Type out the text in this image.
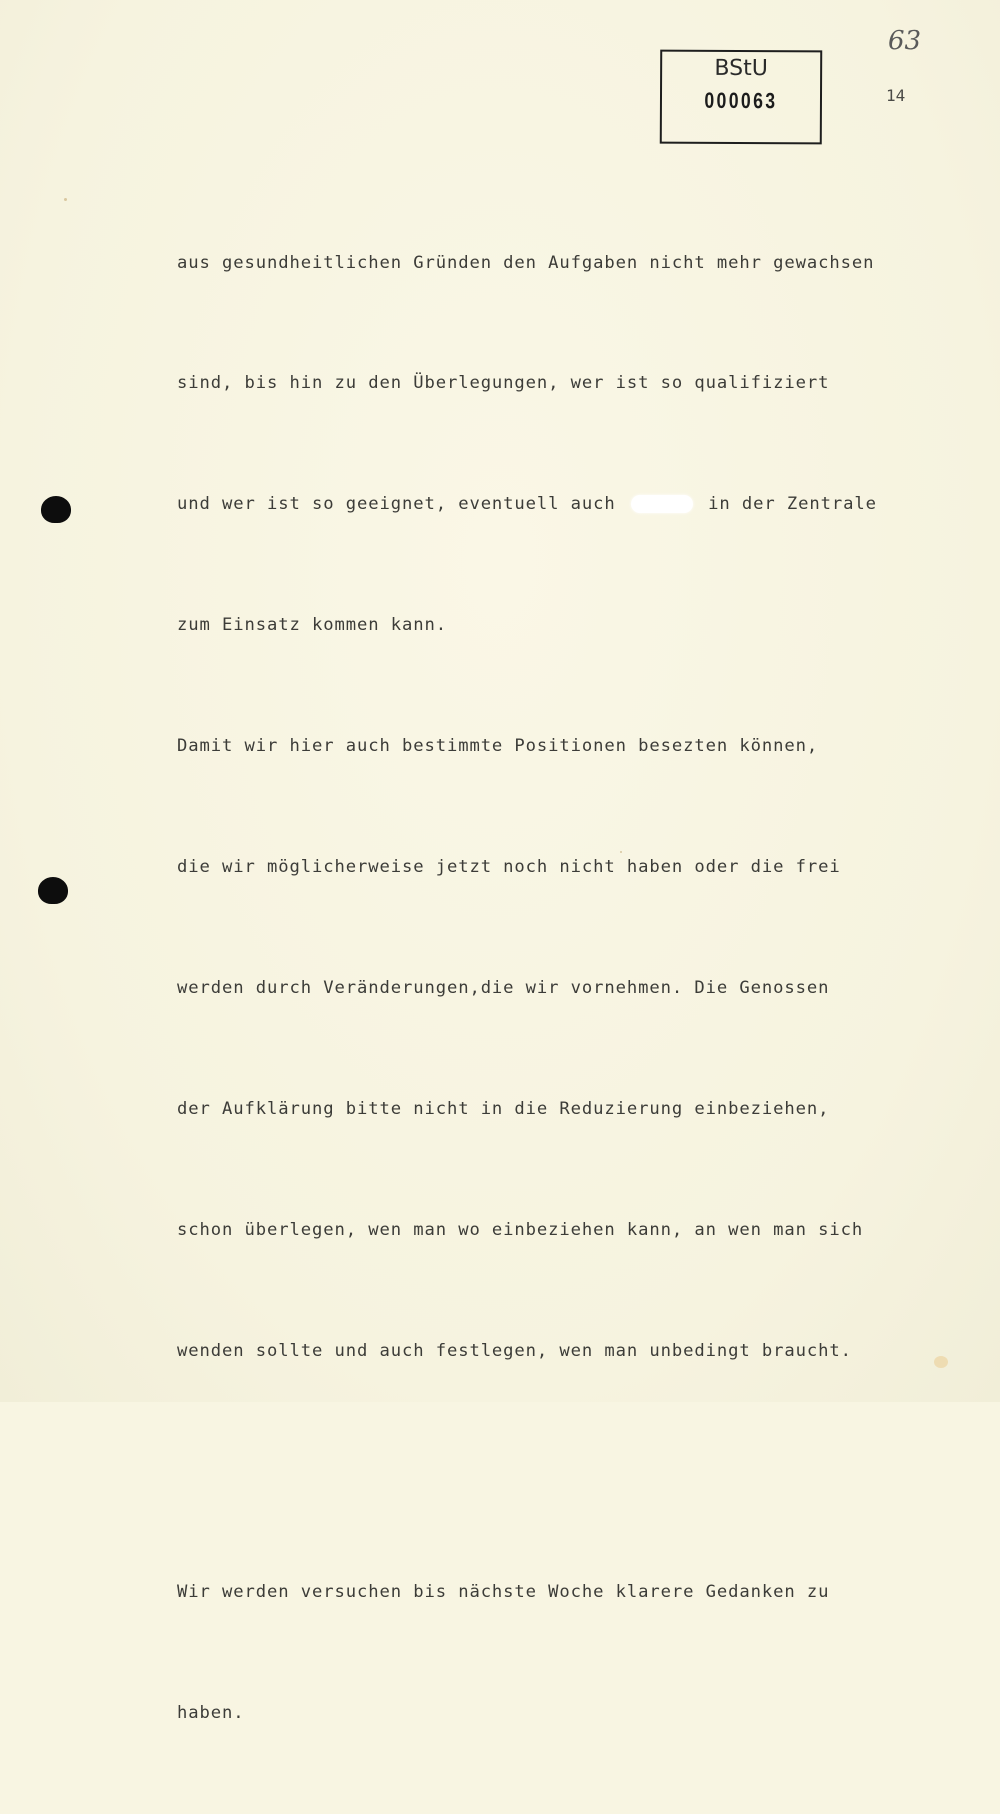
63
BStU
000063	14

aus gesundheitlichen Gründen den Aufgaben nicht mehr gewachsen

sind, bis hin zu den Überlegungen, wer ist so qualifiziert

und wer ist so geeignet, eventuell auch	in der Zentrale

zum Einsatz kommen kann.

Damit wir hier auch bestimmte Positionen besezten können,

die wir möglicherweise jetzt noch nicht haben oder die frei

werden durch Veränderungen,die wir vornehmen. Die Genossen

der Aufklärung bitte nicht in die Reduzierung einbeziehen,

schon überlegen, wen man wo einbeziehen kann, an wen man sich

wenden sollte und auch festlegen, wen man unbedingt braucht.

Wir werden versuchen bis nächste Woche klarere Gedanken zu

haben.
